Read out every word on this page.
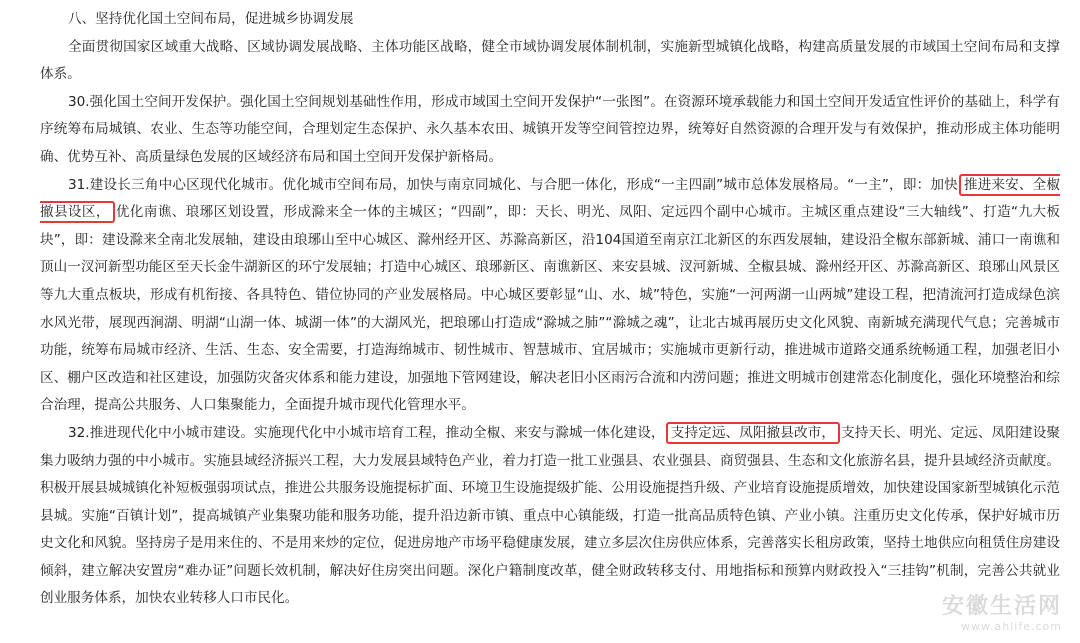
八、坚持优化国土空间布局，促进城乡协调发展

全面贯彻国家区域重大战略、区域协调发展战略、主体功能区战略，健全市域协调发展体制机制，实施新型城镇化战略，构建高质量发展的市域国土空间布局和支撑体系。

30.强化国土空间开发保护。强化国土空间规划基础性作用，形成市域国土空间开发保护“一张图”。在资源环境承载能力和国土空间开发适宜性评价的基础上，科学有序统筹布局城镇、农业、生态等功能空间，合理划定生态保护、永久基本农田、城镇开发等空间管控边界，统筹好自然资源的合理开发与有效保护，推动形成主体功能明确、优势互补、高质量绿色发展的区域经济布局和国土空间开发保护新格局。

31.建设长三角中心区现代化城市。优化城市空间布局，加快与南京同城化、与合肥一体化，形成“一主四副”城市总体发展格局。“一主”，即：加快 推进来安、全椒撤县设区， 优化南谯、琅琊区划设置，形成滁来全一体的主城区；“四副”，即：天长、明光、凤阳、定远四个副中心城市。主城区重点建设“三大轴线”、打造“九大板块”，即：建设滁来全南北发展轴，建设由琅琊山至中心城区、滁州经开区、苏滁高新区，沿104国道至南京江北新区的东西发展轴，建设沿全椒东部新城、浦口一南谯和顶山一汊河新型功能区至天长金牛湖新区的环宁发展轴；打造中心城区、琅琊新区、南谯新区、来安县城、汊河新城、全椒县城、滁州经开区、苏滁高新区、琅琊山风景区等九大重点板块，形成有机衔接、各具特色、错位协同的产业发展格局。中心城区要彰显“山、水、城”特色，实施“一河两湖一山两城”建设工程，把清流河打造成绿色滨水风光带，展现西涧湖、明湖“山湖一体、城湖一体”的大湖风光，把琅琊山打造成“滁城之肺”“滁城之魂”，让北古城再展历史文化风貌、南新城充满现代气息；完善城市功能，统筹布局城市经济、生活、生态、安全需要，打造海绵城市、韧性城市、智慧城市、宜居城市；实施城市更新行动，推进城市道路交通系统畅通工程，加强老旧小区、棚户区改造和社区建设，加强防灾备灾体系和能力建设，加强地下管网建设，解决老旧小区雨污合流和内涝问题；推进文明城市创建常态化制度化，强化环境整治和综合治理，提高公共服务、人口集聚能力，全面提升城市现代化管理水平。

32.推进现代化中小城市建设。实施现代化中小城市培育工程，推动全椒、来安与滁城一体化建设， 支持定远、凤阳撤县改市， 支持天长、明光、定远、凤阳建设聚集力吸纳力强的中小城市。实施县域经济振兴工程，大力发展县域特色产业，着力打造一批工业强县、农业强县、商贸强县、生态和文化旅游名县，提升县域经济贡献度。积极开展县城城镇化补短板强弱项试点，推进公共服务设施提标扩面、环境卫生设施提级扩能、公用设施提挡升级、产业培育设施提质增效，加快建设国家新型城镇化示范县城。实施“百镇计划”，提高城镇产业集聚功能和服务功能，提升沿边新市镇、重点中心镇能级，打造一批高品质特色镇、产业小镇。注重历史文化传承，保护好城市历史文化和风貌。坚持房子是用来住的、不是用来炒的定位，促进房地产市场平稳健康发展，建立多层次住房供应体系，完善落实长租房政策，坚持土地供应向租赁住房建设倾斜，建立解决安置房“难办证”问题长效机制，解决好住房突出问题。深化户籍制度改革，健全财政转移支付、用地指标和预算内财政投入“三挂钩”机制，完善公共就业创业服务体系，加快农业转移人口市民化。	安徽生活网
www.ahlife.com
